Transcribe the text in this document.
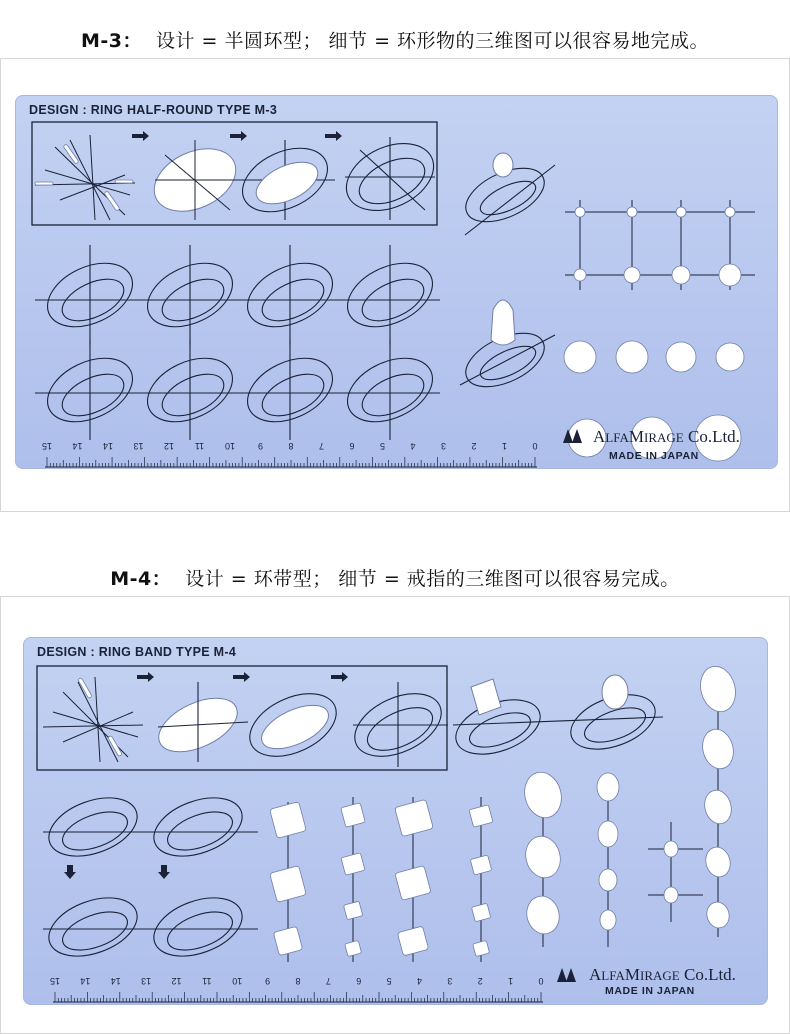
M-3： 设计 = 半圆环型； 细节 = 环形物的三维图可以很容易地完成。
DESIGN : RING HALF-ROUND TYPE M-3
15 14 14 13 12 11 10	9	8	7	6	5	4	3	2	1	0	ALFAMIRAGE Co.Ltd.
MADE IN JAPAN
M-4： 设计 = 环带型； 细节 = 戒指的三维图可以很容易完成。
DESIGN : RING BAND TYPE M-4
15 14 14 13 12 11 10	9	8	7	6	5	4	3	2	1	0	ALFAMIRAGE Co.Ltd.
MADE IN JAPAN
